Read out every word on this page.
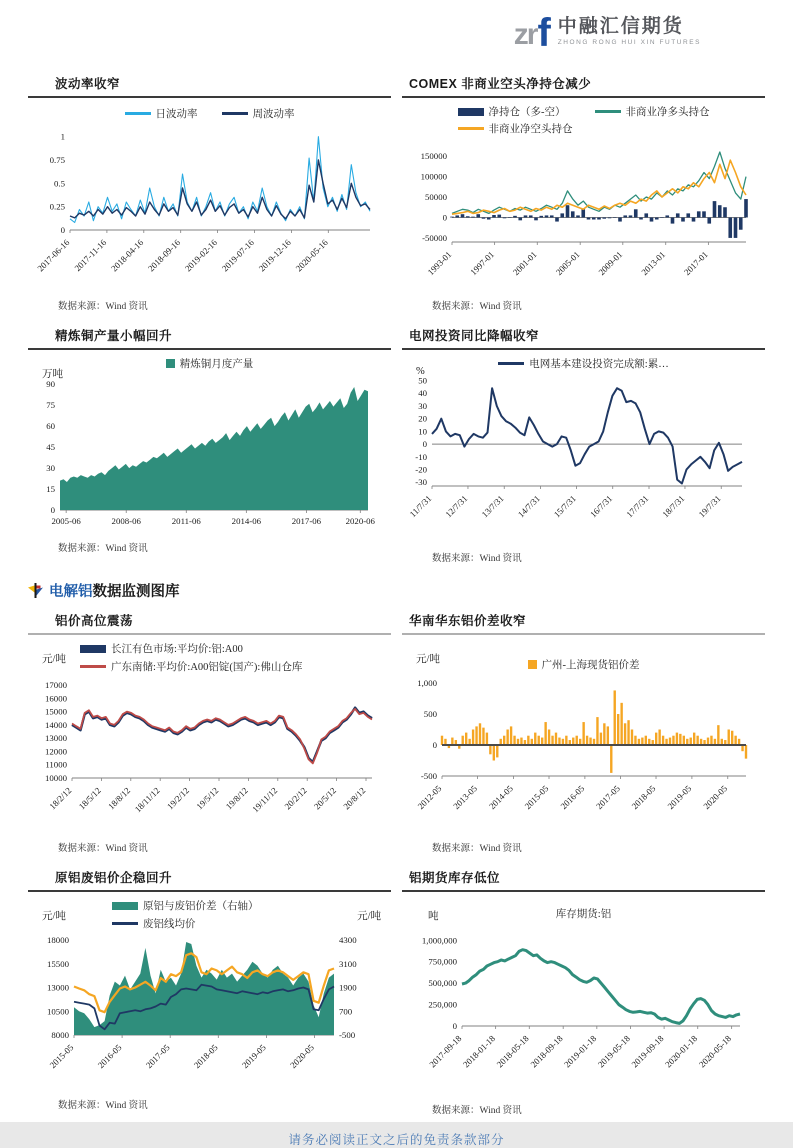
zr f 中融汇信期货
ZHONG RONG HUI XIN FUTURES
波动率收窄
日波动率	周波动率
0
0.25
0.5
0.75
1
2017-06-16 2017-11-16 2018-04-16 2018-09-16 2019-02-16 2019-07-16 2019-12-16 2020-05-16
数据来源：Wind 资讯
COMEX 非商业空头净持仓减少
净持仓（多-空）	非商业净多头持仓
非商业净空头持仓
-50000
0
50000
100000
150000
1993-01 1997-01 2001-01 2005-01 2009-01 2013-01 2017-01
数据来源：Wind 资讯
精炼铜产量小幅回升
万吨
精炼铜月度产量
0
15
30
45
60
75
90
2005-06	2008-06	2011-06	2014-06	2017-06	2020-06
数据来源：Wind 资讯
电网投资同比降幅收窄
%
电网基本建设投资完成额:累…
-30
-20
-10
0
10
20
30
40
50
11/7/31 12/7/31 13/7/31 14/7/31 15/7/31 16/7/31 17/7/31 18/7/31 19/7/31
数据来源：Wind 资讯
电解铝数据监测图库
铝价高位震荡
元/吨
长江有色市场:平均价:铝:A00
广东南储:平均价:A00铝锭(国产):佛山仓库
10000
11000
12000
13000
14000
15000
16000
17000
18/2/12 18/5/12 18/8/12 18/11/12 19/2/12 19/5/12 19/8/12 19/11/12 20/2/12 20/5/12 20/8/12
数据来源：Wind 资讯
华南华东铝价差收窄
元/吨
广州-上海现货铝价差
-500
0
500
1,000
2012-05 2013-05 2014-05 2015-05 2016-05 2017-05 2018-05 2019-05 2020-05
数据来源：Wind 资讯
原铝废铝价企稳回升
元/吨	元/吨
原铝与废铝价差（右轴）
废铝线均价
8000
10500
13000
15500
18000
-500
700
1900
3100
4300
2015-05 2016-05 2017-05 2018-05 2019-05 2020-05
数据来源：Wind 资讯
铝期货库存低位
吨	库存期货:铝
0
250,000
500,000
750,000
1,000,000
2017-09-18
2018-01-18
2018-05-18
2018-09-18
2019-01-18
2019-05-18
2019-09-18
2020-01-18
2020-05-18
数据来源：Wind 资讯
请务必阅读正文之后的免责条款部分
